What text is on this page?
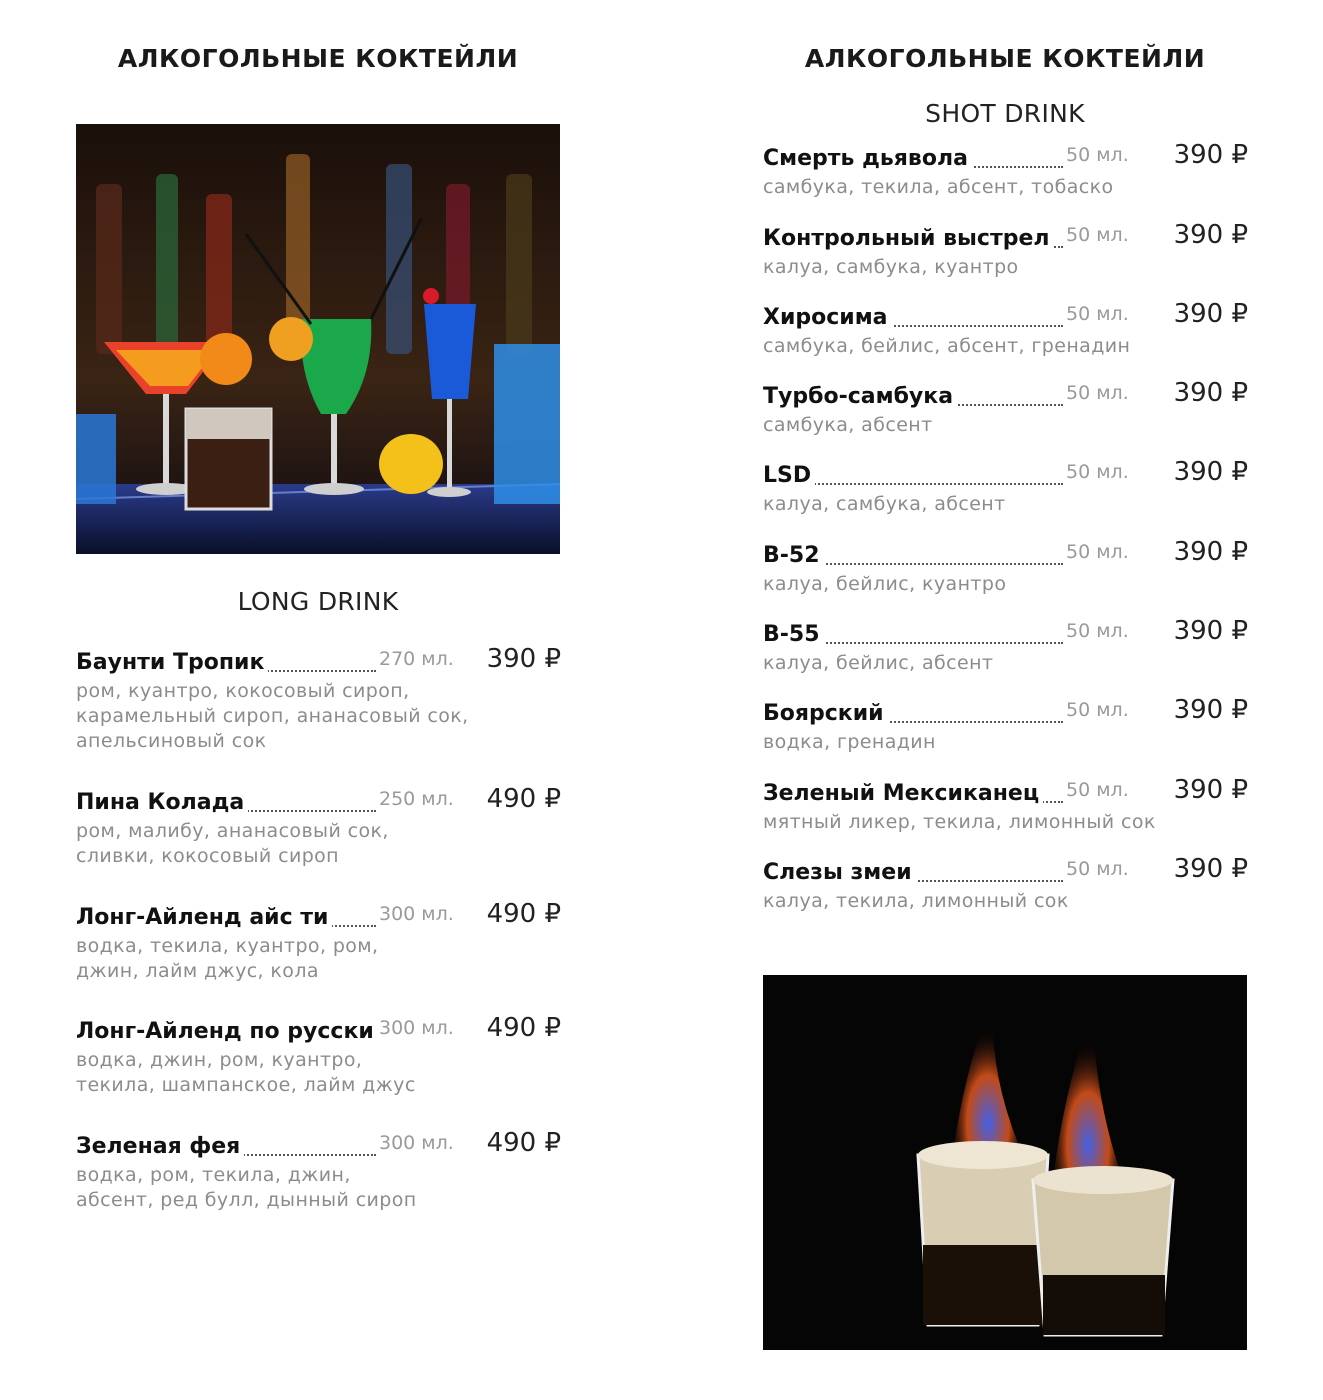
АЛКОГОЛЬНЫЕ КОКТЕЙЛИ	АЛКОГОЛЬНЫЕ КОКТЕЙЛИ
SHOT DRINK
LONG DRINK
Баунти Тропик	270 мл. 390 ₽
ром, куантро, кокосовый сироп,
карамельный сироп, ананасовый сок,
апельсиновый сок
Пина Колада	250 мл. 490 ₽
ром, малибу, ананасовый сок,
сливки, кокосовый сироп
Лонг-Айленд айс ти	300 мл. 490 ₽
водка, текила, куантро, ром,
джин, лайм джус, кола
Лонг-Айленд по русски 300 мл. 490 ₽
водка, джин, ром, куантро,
текила, шампанское, лайм джус
Зеленая фея	300 мл. 490 ₽
водка, ром, текила, джин,
абсент, ред булл, дынный сироп
Смерть дьявола	50 мл. 390 ₽
самбука, текила, абсент, тобаско
Контрольный выстрел 50 мл. 390 ₽
калуа, самбука, куантро
Хиросима	50 мл. 390 ₽
самбука, бейлис, абсент, гренадин
Турбо-самбука	50 мл. 390 ₽
самбука, абсент
LSD	50 мл. 390 ₽
калуа, самбука, абсент
B-52	50 мл. 390 ₽
калуа, бейлис, куантро
B-55	50 мл. 390 ₽
калуа, бейлис, абсент
Боярский	50 мл. 390 ₽
водка, гренадин
Зеленый Мексиканец 50 мл. 390 ₽
мятный ликер, текила, лимонный сок
Слезы змеи	50 мл. 390 ₽
калуа, текила, лимонный сок
